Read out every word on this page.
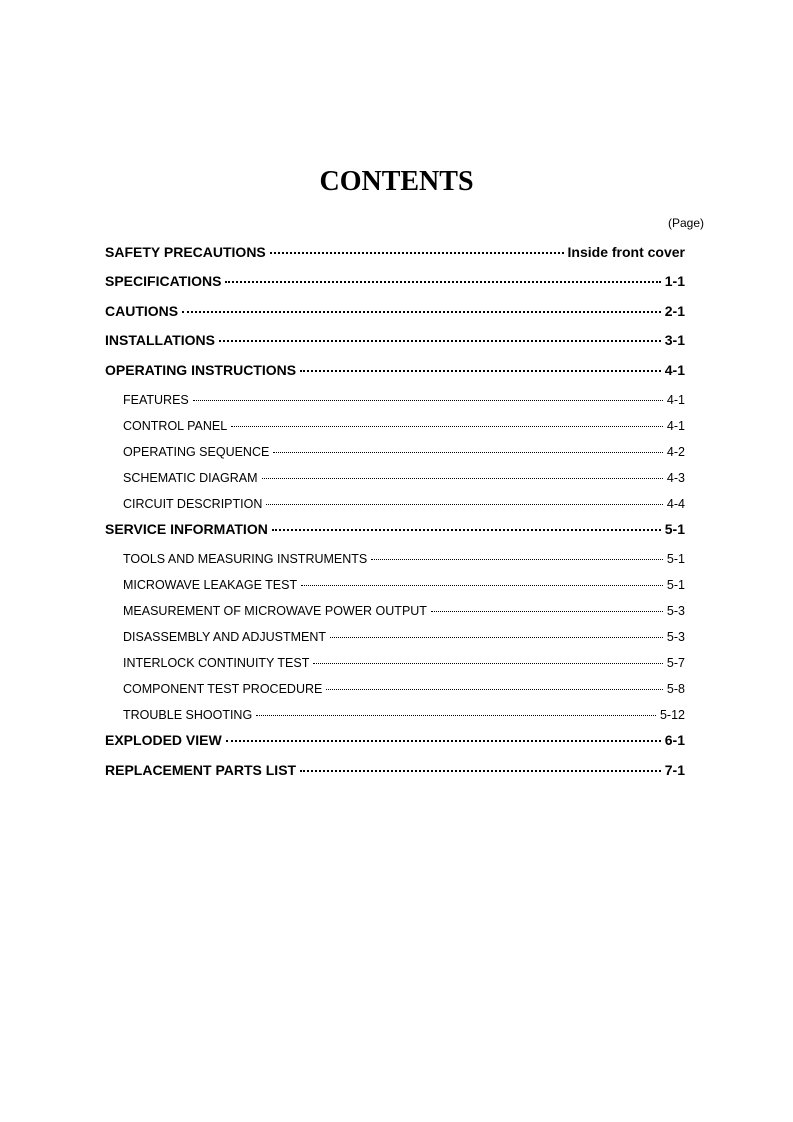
CONTENTS
(Page)
SAFETY PRECAUTIONS	Inside front cover
SPECIFICATIONS	1-1
CAUTIONS	2-1
INSTALLATIONS	3-1
OPERATING INSTRUCTIONS	4-1
FEATURES	4-1
CONTROL PANEL	4-1
OPERATING SEQUENCE	4-2
SCHEMATIC DIAGRAM	4-3
CIRCUIT DESCRIPTION	4-4
SERVICE INFORMATION	5-1
TOOLS AND MEASURING INSTRUMENTS	5-1
MICROWAVE LEAKAGE TEST	5-1
MEASUREMENT OF MICROWAVE POWER OUTPUT	5-3
DISASSEMBLY AND ADJUSTMENT	5-3
INTERLOCK CONTINUITY TEST	5-7
COMPONENT TEST PROCEDURE	5-8
TROUBLE SHOOTING	5-12
EXPLODED VIEW	6-1
REPLACEMENT PARTS LIST	7-1
